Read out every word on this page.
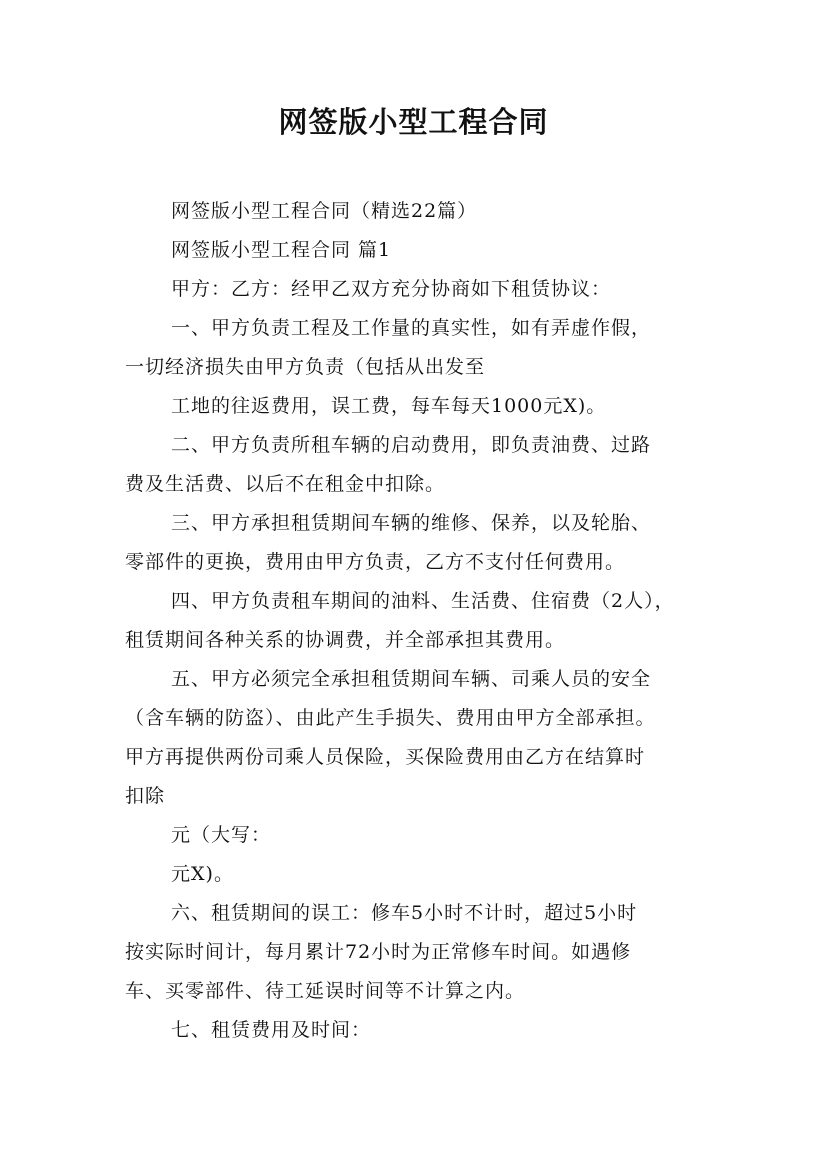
网签版小型工程合同

网签版小型工程合同（精选22篇）

网签版小型工程合同 篇1

甲方：乙方：经甲乙双方充分协商如下租赁协议：

一、甲方负责工程及工作量的真实性，如有弄虚作假，

一切经济损失由甲方负责（包括从出发至

工地的往返费用，误工费，每车每天1000元X)。

二、甲方负责所租车辆的启动费用，即负责油费、过路

费及生活费、以后不在租金中扣除。

三、甲方承担租赁期间车辆的维修、保养，以及轮胎、

零部件的更换，费用由甲方负责，乙方不支付任何费用。

四、甲方负责租车期间的油料、生活费、住宿费（2人），

租赁期间各种关系的协调费，并全部承担其费用。

五、甲方必须完全承担租赁期间车辆、司乘人员的安全

（含车辆的防盗）、由此产生手损失、费用由甲方全部承担。

甲方再提供两份司乘人员保险，买保险费用由乙方在结算时

扣除

元（大写：

元X)。

六、租赁期间的误工：修车5小时不计时，超过5小时

按实际时间计，每月累计72小时为正常修车时间。如遇修

车、买零部件、待工延误时间等不计算之内。

七、租赁费用及时间：
